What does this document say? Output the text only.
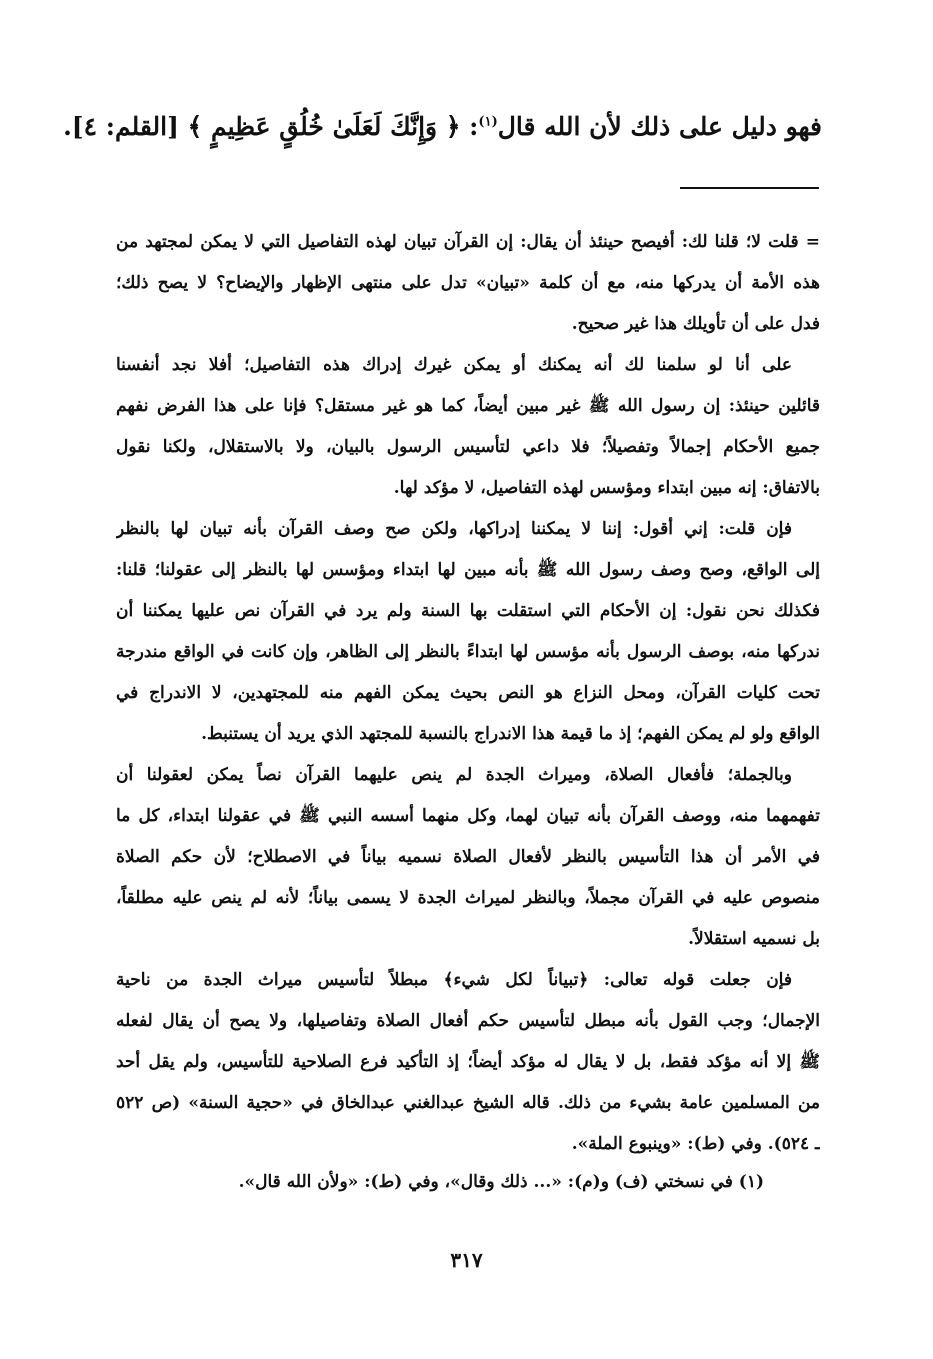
فهو دليل على ذلك لأن الله قال$^{(١)}$: ﴿ وَإِنَّكَ لَعَلَىٰ خُلُقٍ عَظِيمٍ ﴾ [القلم: ٤].
= قلت لا؛ قلنا لك: أفيصح حينئذ أن يقال: إن القرآن تبيان لهذه التفاصيل التي لا يمكن لمجتهد من
هذه الأمة أن يدركها منه، مع أن كلمة «تبيان» تدل على منتهى الإظهار والإيضاح؟ لا يصح ذلك؛
فدل على أن تأويلك هذا غير صحيح.
على أنا لو سلمنا لك أنه يمكنك أو يمكن غيرك إدراك هذه التفاصيل؛ أفلا نجد أنفسنا
قائلين حينئذ: إن رسول الله ﷺ غير مبين أيضاً، كما هو غير مستقل؟ فإنا على هذا الفرض نفهم
جميع الأحكام إجمالاً وتفصيلاً؛ فلا داعي لتأسيس الرسول بالبيان، ولا بالاستقلال، ولكنا نقول
بالاتفاق: إنه مبين ابتداء ومؤسس لهذه التفاصيل، لا مؤكد لها.
فإن قلت: إني أقول: إننا لا يمكننا إدراكها، ولكن صح وصف القرآن بأنه تبيان لها بالنظر
إلى الواقع، وصح وصف رسول الله ﷺ بأنه مبين لها ابتداء ومؤسس لها بالنظر إلى عقولنا؛ قلنا:
فكذلك نحن نقول: إن الأحكام التي استقلت بها السنة ولم يرد في القرآن نص عليها يمكننا أن
ندركها منه، بوصف الرسول بأنه مؤسس لها ابتداءً بالنظر إلى الظاهر، وإن كانت في الواقع مندرجة
تحت كليات القرآن، ومحل النزاع هو النص بحيث يمكن الفهم منه للمجتهدين، لا الاندراج في
الواقع ولو لم يمكن الفهم؛ إذ ما قيمة هذا الاندراج بالنسبة للمجتهد الذي يريد أن يستنبط.
وبالجملة؛ فأفعال الصلاة، وميراث الجدة لم ينص عليهما القرآن نصاً يمكن لعقولنا أن
تفهمهما منه، ووصف القرآن بأنه تبيان لهما، وكل منهما أسسه النبي ﷺ في عقولنا ابتداء، كل ما
في الأمر أن هذا التأسيس بالنظر لأفعال الصلاة نسميه بياناً في الاصطلاح؛ لأن حكم الصلاة
منصوص عليه في القرآن مجملاً، وبالنظر لميراث الجدة لا يسمى بياناً؛ لأنه لم ينص عليه مطلقاً،
بل نسميه استقلالاً.
فإن جعلت قوله تعالى: ﴿تبياناً لكل شيء﴾ مبطلاً لتأسيس ميراث الجدة من ناحية
الإجمال؛ وجب القول بأنه مبطل لتأسيس حكم أفعال الصلاة وتفاصيلها، ولا يصح أن يقال لفعله
ﷺ إلا أنه مؤكد فقط، بل لا يقال له مؤكد أيضاً؛ إذ التأكيد فرع الصلاحية للتأسيس، ولم يقل أحد
من المسلمين عامة بشيء من ذلك. قاله الشيخ عبدالغني عبدالخاق في «حجية السنة» (ص ٥٢٢
ـ ٥٢٤). وفي (ط): «وينبوع الملة».
(١) في نسختي (ف) و(م): «... ذلك وقال»، وفي (ط): «ولأن الله قال».
٣١٧
